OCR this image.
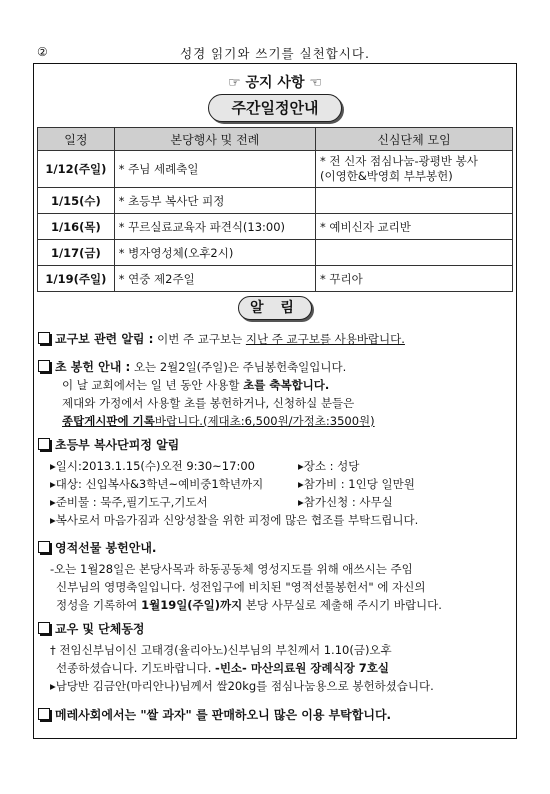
②	성경 읽기와 쓰기를 실천합시다.
☞ 공지 사항 ☜
주간일정안내
일정	본당행사 및 전례	신심단체 모임
1/12(주일)	* 주님 세례축일	* 전 신자 점심나눔-광평반 봉사
(이영한&박영희 부부봉헌)
1/15(수)	* 초등부 복사단 피정	
1/16(목)	* 꾸르실료교육자 파견식(13:00)	* 예비신자 교리반
1/17(금)	* 병자영성체(오후2시)	
1/19(주일)	* 연중 제2주일	* 꾸리아
알 림
교구보 관련 알림 : 이번 주 교구보는 지난 주 교구보를 사용바랍니다.
초 봉헌 안내 : 오는 2월2일(주일)은 주님봉헌축일입니다.
이 날 교회에서는 일 년 동안 사용할 초를 축복합니다.
제대와 가정에서 사용할 초를 봉헌하거나, 신청하실 분들은
종탑게시판에 기록바랍니다.(제대초:6,500원/가정초:3500원)
초등부 복사단피정 알림
▸일시:2013.1.15(수)오전 9:30~17:00	▸장소 : 성당
▸대상: 신입복사&3학년~예비중1학년까지	▸참가비 : 1인당 일만원
▸준비물 : 묵주,필기도구,기도서	▸참가신청 : 사무실
▸복사로서 마음가짐과 신앙성찰을 위한 피정에 많은 협조를 부탁드립니다.
영적선물 봉헌안내.
-오는 1월28일은 본당사목과 하동공동체 영성지도를 위해 애쓰시는 주임
신부님의 영명축일입니다. 성전입구에 비치된 "영적선물봉헌서" 에 자신의
정성을 기록하여 1월19일(주일)까지 본당 사무실로 제출해 주시기 바랍니다.
교우 및 단체동정
† 전임신부님이신 고태경(율리아노)신부님의 부친께서 1.10(금)오후
선종하셨습니다. 기도바랍니다. -빈소- 마산의료원 장례식장 7호실
▸남당반 김금안(마리안나)님께서 쌀20kg를 점심나눔용으로 봉헌하셨습니다.
메레사회에서는 "쌀 과자" 를 판매하오니 많은 이용 부탁합니다.
